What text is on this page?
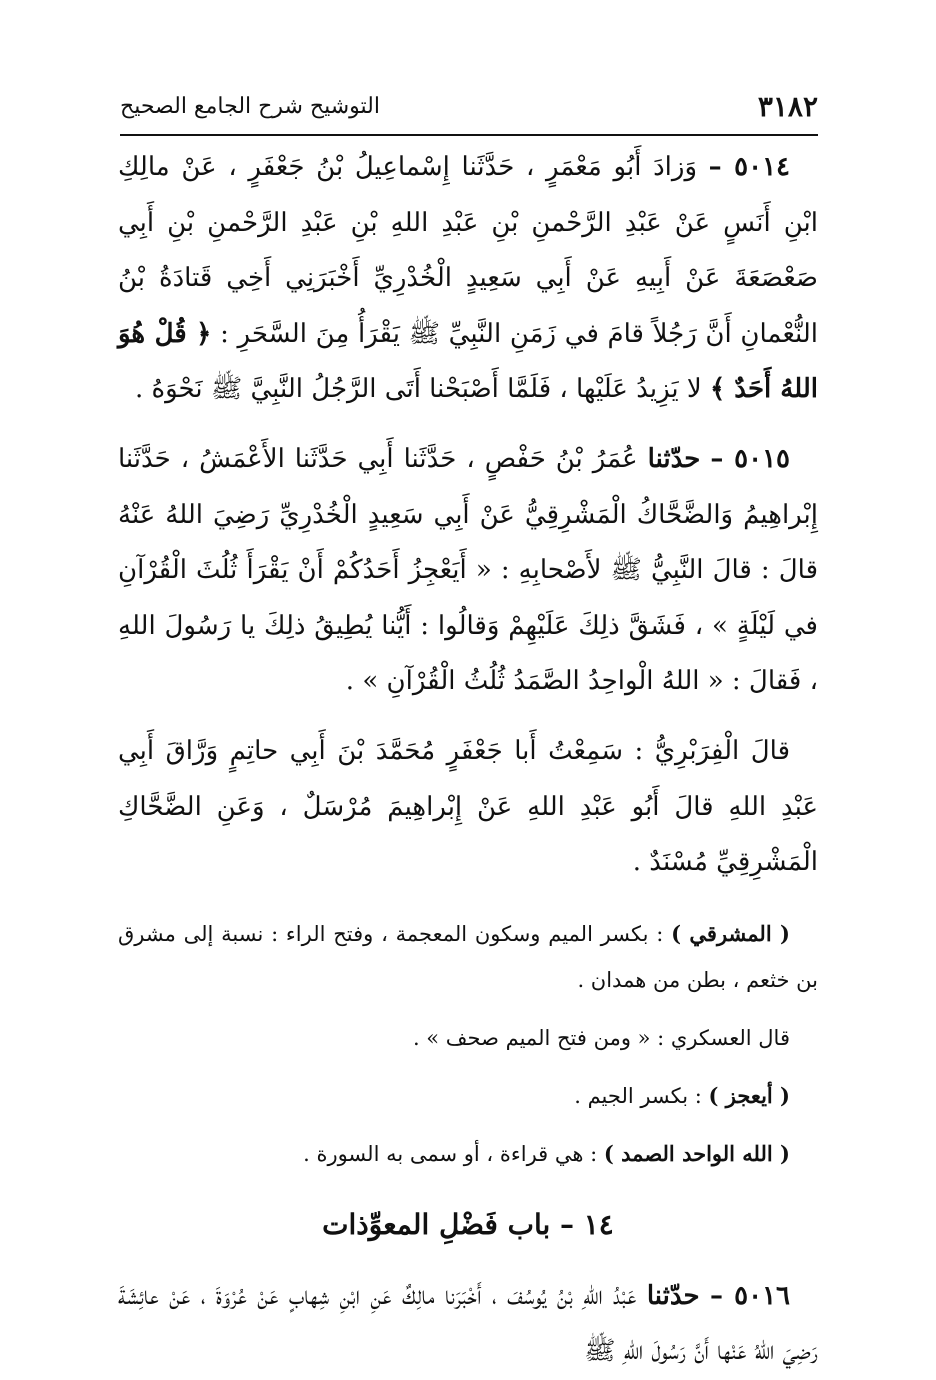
٣١٨٢
التوشيح شرح الجامع الصحيح

٥٠١٤ – وَزادَ أَبُو مَعْمَرٍ ، حَدَّثَنا إِسْماعِيلُ بْنُ جَعْفَرٍ ، عَنْ مالِكِ ابْنِ أَنَسٍ عَنْ عَبْدِ الرَّحْمنِ بْنِ عَبْدِ اللهِ بْنِ عَبْدِ الرَّحْمنِ بْنِ أَبِي صَعْصَعَةَ عَنْ أَبِيهِ عَنْ أَبِي سَعِيدٍ الْخُدْرِيِّ أَخْبَرَنِي أَخِي قَتادَةُ بْنُ النُّعْمانِ أَنَّ رَجُلاً قامَ في زَمَنِ النَّبِيِّ ﷺ يَقْرَأُ مِنَ السَّحَرِ : ﴿ قُلْ هُوَ اللهُ أَحَدٌ ﴾ لا يَزِيدُ عَلَيْها ، فَلَمَّا أَصْبَحْنا أَتَى الرَّجُلُ النَّبِيَّ ﷺ نَحْوَهُ .

٥٠١٥ – حدّثنا عُمَرُ بْنُ حَفْصٍ ، حَدَّثَنا أَبِي حَدَّثَنا الأَعْمَشُ ، حَدَّثَنا إِبْراهِيمُ وَالضَّحَّاكُ الْمَشْرِقِيُّ عَنْ أَبِي سَعِيدٍ الْخُدْرِيِّ رَضِيَ اللهُ عَنْهُ قالَ : قالَ النَّبِيُّ ﷺ لأَصْحابِهِ : « أَيَعْجِزُ أَحَدُكُمْ أَنْ يَقْرَأَ ثُلُثَ الْقُرْآنِ في لَيْلَةٍ » ، فَشَقَّ ذلِكَ عَلَيْهِمْ وَقالُوا : أَيُّنا يُطِيقُ ذلِكَ يا رَسُولَ اللهِ ، فَقالَ : « اللهُ الْواحِدُ الصَّمَدُ ثُلُثُ الْقُرْآنِ » .

قالَ الْفِرَبْرِيُّ : سَمِعْتُ أَبا جَعْفَرٍ مُحَمَّدَ بْنَ أَبِي حاتِمٍ وَرَّاقَ أَبِي عَبْدِ اللهِ قالَ أَبُو عَبْدِ اللهِ عَنْ إِبْراهِيمَ مُرْسَلٌ ، وَعَنِ الضَّحَّاكِ الْمَشْرِقِيِّ مُسْنَدٌ .

( المشرقي ) : بكسر الميم وسكون المعجمة ، وفتح الراء : نسبة إلى مشرق بن خثعم ، بطن من همدان .

قال العسكري : « ومن فتح الميم صحف » .

( أيعجز ) : بكسر الجيم .

( الله الواحد الصمد ) : هي قراءة ، أو سمى به السورة .

١٤ – باب فَضْلِ المعوِّذات

٥٠١٦ – حدّثنا عَبْدُ اللهِ بْنُ يُوسُفَ ، أَخْبَرَنا مالِكٌ عَنِ ابْنِ شِهابٍ عَنْ عُرْوَةَ ، عَنْ عائِشَةَ رَضِيَ اللهُ عَنْها أَنَّ رَسُولَ اللهِ ﷺ
